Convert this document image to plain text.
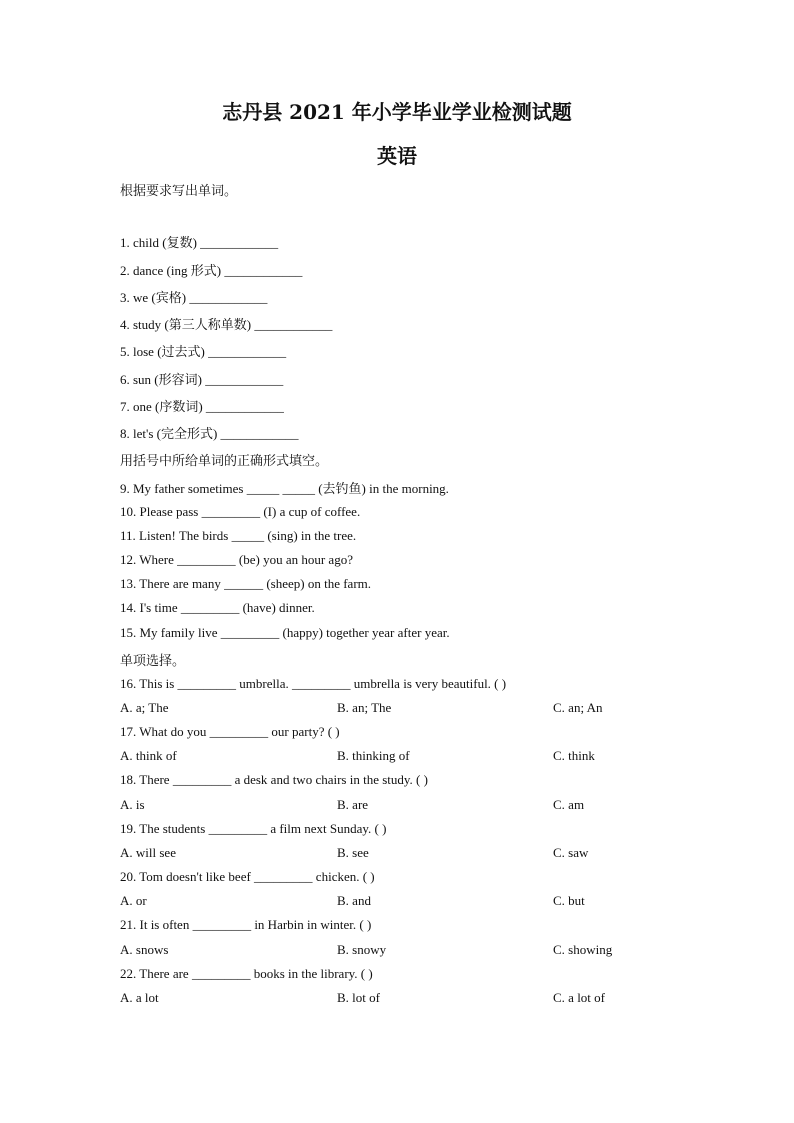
志丹县 2021 年小学毕业学业检测试题
英语
根据要求写出单词。
1. child (复数) ____________
2. dance (ing 形式) ____________
3. we (宾格) ____________
4. study (第三人称单数) ____________
5. lose (过去式) ____________
6. sun (形容词) ____________
7. one (序数词) ____________
8. let's (完全形式) ____________
用括号中所给单词的正确形式填空。
9. My father sometimes _____ _____ (去钓鱼) in the morning.
10. Please pass _________ (I) a cup of coffee.
11. Listen! The birds _____ (sing) in the tree.
12. Where _________ (be) you an hour ago?
13. There are many ______ (sheep) on the farm.
14. I's time _________ (have) dinner.
15. My family live _________ (happy) together year after year.
单项选择。
16. This is _________ umbrella. _________ umbrella is very beautiful. ( )
A. a; The	B. an; The	C. an; An
17. What do you _________ our party? ( )
A. think of	B. thinking of	C. think
18. There _________ a desk and two chairs in the study. ( )
A. is	B. are	C. am
19. The students _________ a film next Sunday. ( )
A. will see	B. see	C. saw
20. Tom doesn't like beef _________ chicken. ( )
A. or	B. and	C. but
21. It is often _________ in Harbin in winter. ( )
A. snows	B. snowy	C. showing
22. There are _________ books in the library. ( )
A. a lot	B. lot of	C. a lot of
